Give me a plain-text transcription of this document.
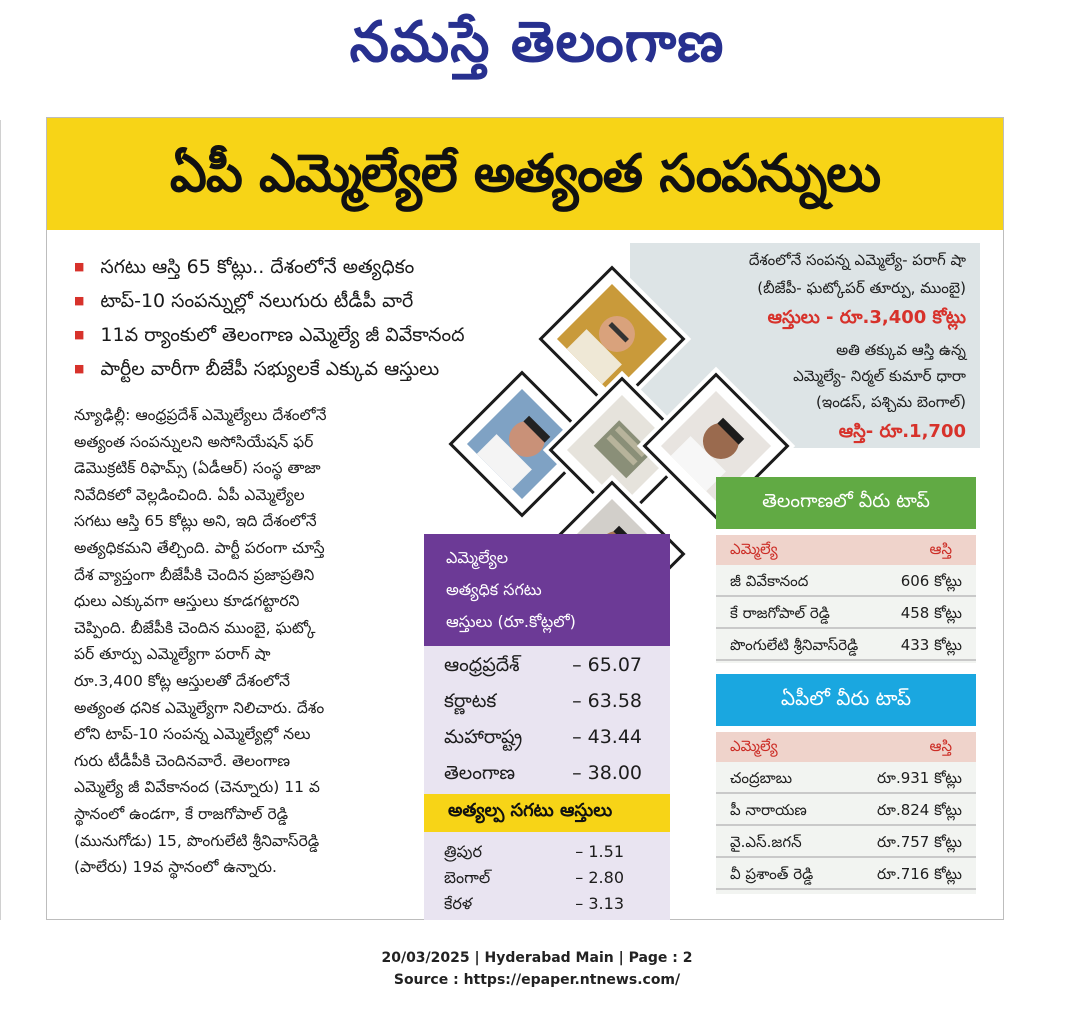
నమస్తే తెలంగాణ
ఏపీ ఎమ్మెల్యేలే అత్యంత సంపన్నులు
■ సగటు ఆస్తి 65 కోట్లు.. దేశంలోనే అత్యధికం
■ టాప్-10 సంపన్నుల్లో నలుగురు టీడీపీ వారే
■ 11వ ర్యాంకులో తెలంగాణ ఎమ్మెల్యే జీ వివేకానంద
■ పార్టీల వారీగా బీజేపీ సభ్యులకే ఎక్కువ ఆస్తులు
న్యూఢిల్లీ: ఆంధ్రప్రదేశ్ ఎమ్మెల్యేలు దేశంలోనే
అత్యంత సంపన్నులని అసోసియేషన్ ఫర్
డెమొక్రటిక్ రిఫామ్స్ (ఏడీఆర్) సంస్థ తాజా
నివేదికలో వెల్లడించింది. ఏపీ ఎమ్మెల్యేల
సగటు ఆస్తి 65 కోట్లు అని, ఇది దేశంలోనే
అత్యధికమని తేల్చింది. పార్టీ పరంగా చూస్తే
దేశ వ్యాప్తంగా బీజేపీకి చెందిన ప్రజాప్రతిని
ధులు ఎక్కువగా ఆస్తులు కూడగట్టారని
చెప్పింది. బీజేపీకి చెందిన ముంబై, ఘట్కో
పర్ తూర్పు ఎమ్మెల్యేగా పరాగ్ షా
రూ.3,400 కోట్ల ఆస్తులతో దేశంలోనే
అత్యంత ధనిక ఎమ్మెల్యేగా నిలిచారు. దేశం
లోని టాప్-10 సంపన్న ఎమ్మెల్యేల్లో నలు
గురు టీడీపీకి చెందినవారే. తెలంగాణ
ఎమ్మెల్యే జీ వివేకానంద (చెన్నూరు) 11 వ
స్థానంలో ఉండగా, కే రాజగోపాల్ రెడ్డి
(మునుగోడు) 15, పొంగులేటి శ్రీనివాస్‌రెడ్డి
(పాలేరు) 19వ స్థానంలో ఉన్నారు.
దేశంలోనే సంపన్న ఎమ్మెల్యే- పరాగ్ షా
(బీజేపీ- ఘట్కోపర్ తూర్పు, ముంబై)
ఆస్తులు - రూ.3,400 కోట్లు
అతి తక్కువ ఆస్తి ఉన్న
ఎమ్మెల్యే- నిర్మల్ కుమార్ ధారా
(ఇండస్, పశ్చిమ బెంగాల్)
ఆస్తి- రూ.1,700
ఎమ్మెల్యేల
అత్యధిక సగటు
ఆస్తులు (రూ.కోట్లలో)
ఆంధ్రప్రదేశ్	– 65.07
కర్ణాటక	– 63.58
మహారాష్ట్ర	– 43.44
తెలంగాణ	– 38.00
అత్యల్ప సగటు ఆస్తులు
త్రిపుర	– 1.51
బెంగాల్	– 2.80
కేరళ	– 3.13
తెలంగాణలో వీరు టాప్
ఎమ్మెల్యే	ఆస్తి
జీ వివేకానంద	606 కోట్లు
కే రాజగోపాల్ రెడ్డి	458 కోట్లు
పొంగులేటి శ్రీనివాస్‌రెడ్డి	433 కోట్లు
ఏపీలో వీరు టాప్
ఎమ్మెల్యే	ఆస్తి
చంద్రబాబు	రూ.931 కోట్లు
పీ నారాయణ	రూ.824 కోట్లు
వై.ఎస్.జగన్	రూ.757 కోట్లు
వీ ప్రశాంత్ రెడ్డి	రూ.716 కోట్లు
20/03/2025 | Hyderabad Main | Page : 2
Source : https://epaper.ntnews.com/
